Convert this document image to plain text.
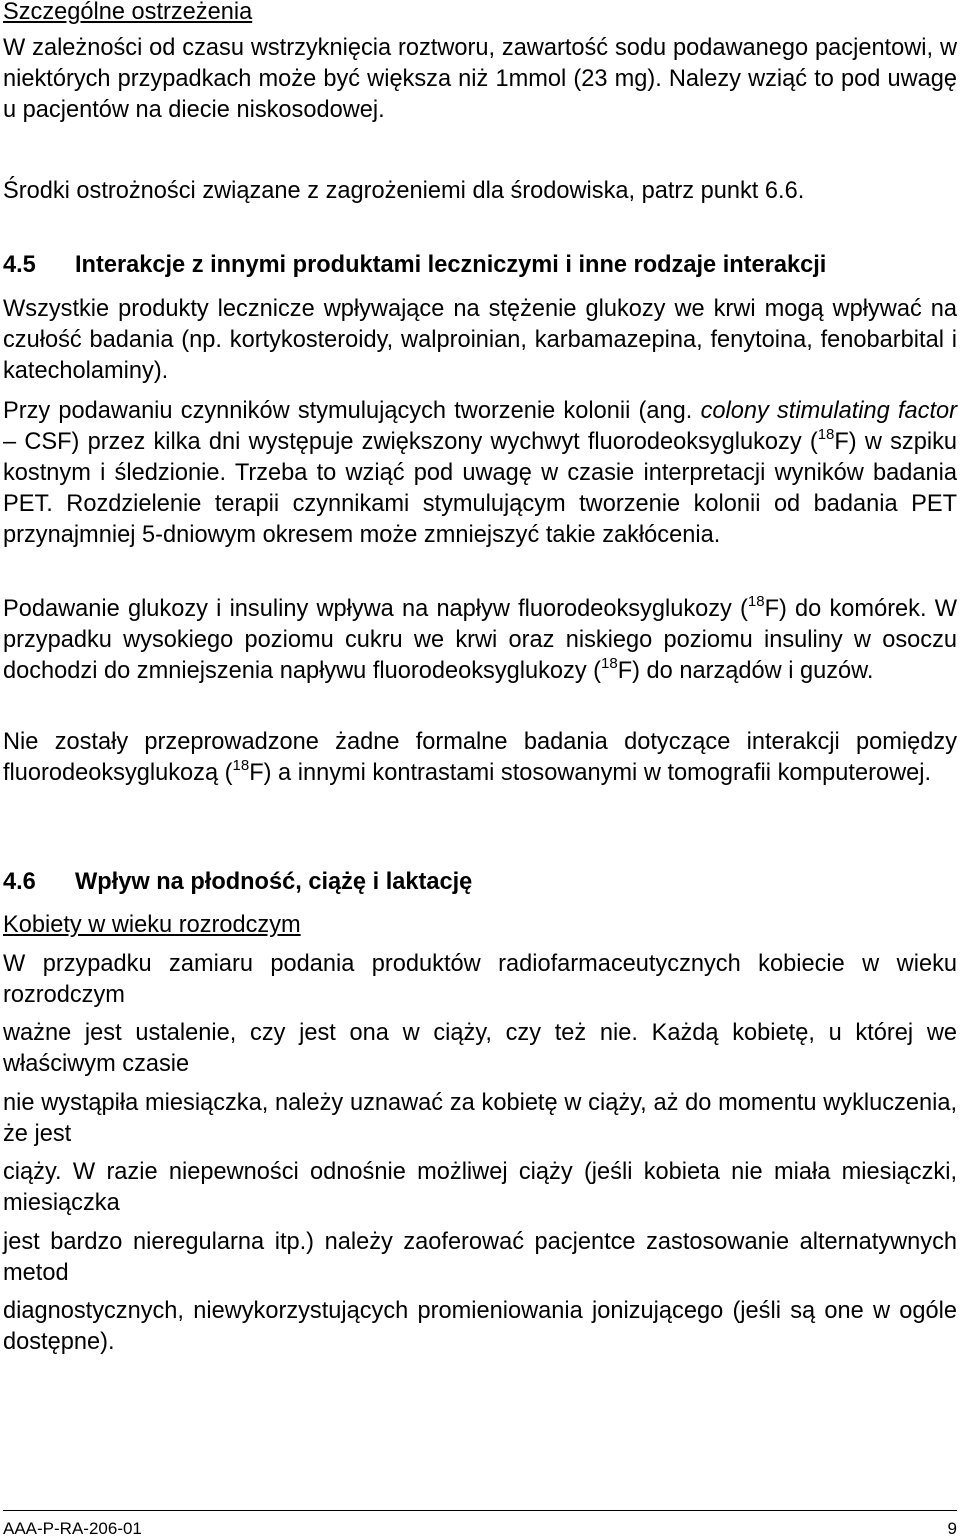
Szczególne ostrzeżenia

W zależności od czasu wstrzyknięcia roztworu, zawartość sodu podawanego pacjentowi, w niektórych przypadkach może być większa niż 1mmol (23 mg). Nalezy wziąć to pod uwagę u pacjentów na diecie niskosodowej.

Środki ostrożności związane z zagrożeniemi dla środowiska, patrz punkt 6.6.

4.5	Interakcje z innymi produktami leczniczymi i inne rodzaje interakcji

Wszystkie produkty lecznicze wpływające na stężenie glukozy we krwi mogą wpływać na czułość badania (np. kortykosteroidy, walproinian, karbamazepina, fenytoina, fenobarbital i katecholaminy).

Przy podawaniu czynników stymulujących tworzenie kolonii (ang. colony stimulating factor – CSF) przez kilka dni występuje zwiększony wychwyt fluorodeoksyglukozy ($^{18}$F) w szpiku kostnym i śledzionie. Trzeba to wziąć pod uwagę w czasie interpretacji wyników badania PET. Rozdzielenie terapii czynnikami stymulującym tworzenie kolonii od badania PET przynajmniej 5-dniowym okresem może zmniejszyć takie zakłócenia.

Podawanie glukozy i insuliny wpływa na napływ fluorodeoksyglukozy ($^{18}$F) do komórek. W przypadku wysokiego poziomu cukru we krwi oraz niskiego poziomu insuliny w osoczu dochodzi do zmniejszenia napływu fluorodeoksyglukozy ($^{18}$F) do narządów i guzów.

Nie zostały przeprowadzone żadne formalne badania dotyczące interakcji pomiędzy fluorodeoksyglukozą ($^{18}$F) a innymi kontrastami stosowanymi w tomografii komputerowej.

4.6	Wpływ na płodność, ciążę i laktację

Kobiety w wieku rozrodczym

W przypadku zamiaru podania produktów radiofarmaceutycznych kobiecie w wieku rozrodczym

ważne jest ustalenie, czy jest ona w ciąży, czy też nie. Każdą kobietę, u której we właściwym czasie

nie wystąpiła miesiączka, należy uznawać za kobietę w ciąży, aż do momentu wykluczenia, że jest

ciąży. W razie niepewności odnośnie możliwej ciąży (jeśli kobieta nie miała miesiączki, miesiączka

jest bardzo nieregularna itp.) należy zaoferować pacjentce zastosowanie alternatywnych metod

diagnostycznych, niewykorzystujących promieniowania jonizującego (jeśli są one w ogóle dostępne).

AAA-P-RA-206-01	9
